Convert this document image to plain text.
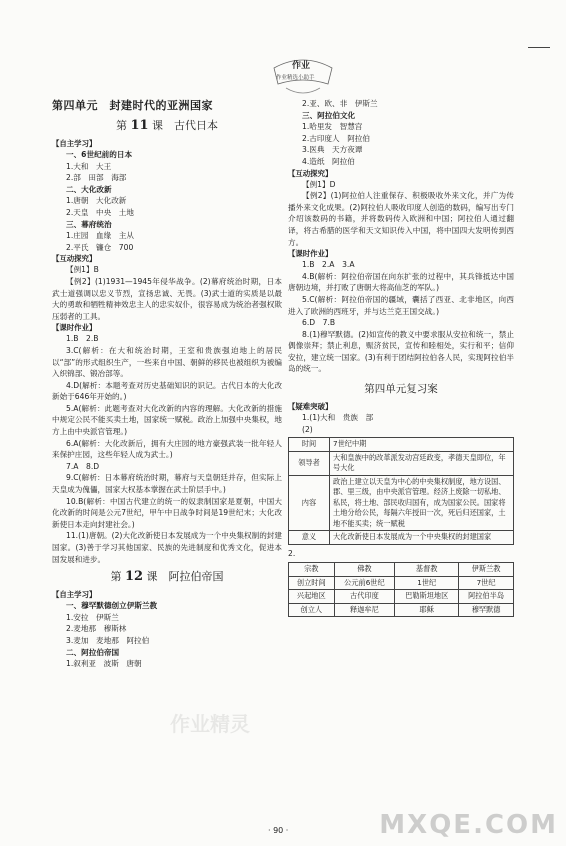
作业
作业精选小助手
第四单元　封建时代的亚洲国家
第 11 课　古代日本
【自主学习】
一、6世纪前的日本
1.大和　大王
2.部　田部　海部
二、大化改新
1.唐朝　大化改新
2.天皇　中央　土地
三、幕府统治
1.庄园　血缘　主从
2.平氏　镰仓　700
【互动探究】
【例1】B
【例2】(1)1931—1945年侵华战争。(2)幕府统治时期，日本武士道强调以忠义节烈，宣扬忠诚、无畏。(3)武士道的实质是以最大的勇敢和牺牲精神效忠主人的忠实奴仆，很容易成为统治者强权欺压弱者的工具。
【课时作业】
1.B　2.B
3.C(解析：在大和统治时期，王室和贵族强迫地上的居民以“部”的形式组织生产，一些来自中国、朝鲜的移民也被组织为被编入织锦部、锻冶部等。
4.D(解析：本题考查对历史基础知识的识记。古代日本的大化改新始于646年开始的。)
5.A(解析：此题考查对大化改新的内容的理解。大化改新的措施中规定公民不能买卖土地，国家统一赋税。政治上加强中央集权，地方上由中央派官管理。)
6.A(解析：大化改新后，拥有大庄园的地方豪强武装一批年轻人来保护庄园，这些年轻人成为武士。)
7.A　8.D
9.C(解析：日本幕府统治时期，幕府与天皇朝廷并存，但实际上天皇成为傀儡，国家大权基本掌握在武士阶层手中。)
10.B(解析：中国古代建立的统一的奴隶制国家是夏朝，中国大化改新的时间是公元7世纪，甲午中日战争时间是19世纪末；大化改新使日本走向封建社会。)
11.(1)唐朝。(2)大化改新使日本发展成为一个中央集权制的封建国家。(3)善于学习其他国家、民族的先进制度和优秀文化，促进本国发展和进步。
第 12 课　阿拉伯帝国
【自主学习】
一、穆罕默德创立伊斯兰教
1.安拉　伊斯兰
2.麦地那　穆斯林
3.麦加　麦地那　阿拉伯
二、阿拉伯帝国
1.叙利亚　波斯　唐朝
2.亚、欧、非　伊斯兰
三、阿拉伯文化
1.哈里发　智慧宫
2.古印度人　阿拉伯
3.医典　天方夜谭
4.造纸　阿拉伯
【互动探究】
【例1】D
【例2】(1)阿拉伯人注重保存、积极吸收外来文化，并广为传播外来文化成果。(2)阿拉伯人吸收印度人创造的数码，编写出专门介绍该数码的书籍，并将数码传入欧洲和中国；阿拉伯人通过翻译，将古希腊的医学和天文知识传入中国，将中国四大发明传到西方。
【课时作业】
1.B　2.A　3.A
4.B(解析：阿拉伯帝国在向东扩张的过程中，其兵锋抵达中国唐朝边境，并打败了唐朝大将高仙芝的军队。)
5.C(解析：阿拉伯帝国的疆域，囊括了西亚、北非地区，向西进入了欧洲的西班牙，并与达兰克王国交战。)
6.D　7.B
8.(1)穆罕默德。(2)如宣传的教义中要求服从安拉和统一，禁止偶像崇拜；禁止利息，赈济贫民，宣传和睦相处，实行和平；信仰安拉，建立统一国家。(3)有利于团结阿拉伯各人民，实现阿拉伯半岛的统一。
第四单元复习案
【疑难突破】
1.(1)大和　贵族　部
(2)
时间	7世纪中期
领导者	大和皇族中的改革派发动宫廷政变，孝德天皇即位，年号大化
内容	政治上建立以天皇为中心的中央集权制度，地方设国、郡、里三级，由中央派官管理。经济上废除一切私地、私民，将土地、部民收归国有，成为国家公民。国家将土地分给公民，每隔六年授田一次，死后归还国家，土地不能买卖；统一赋税
意义	大化改新使日本发展成为一个中央集权的封建国家
2.
宗教	佛教	基督教	伊斯兰教
创立时间	公元前6世纪	1世纪	7世纪
兴起地区	古代印度	巴勒斯坦地区	阿拉伯半岛
创立人	释迦牟尼	耶稣	穆罕默德
作业精灵
MXQE.COM
· 90 ·
